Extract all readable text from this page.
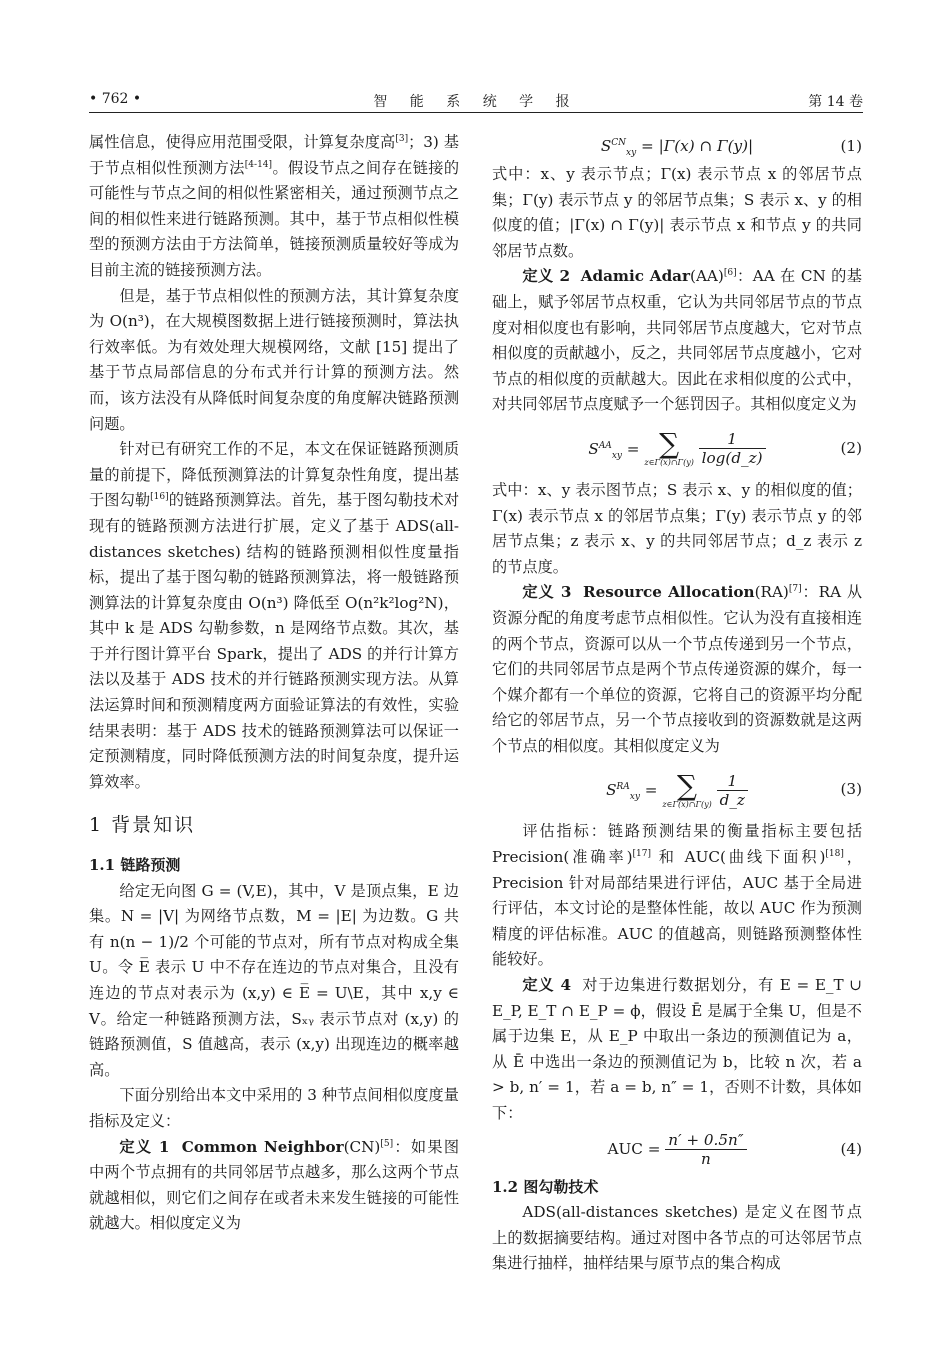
• 762 •	智 能 系 统 学 报	第 14 卷

属性信息，使得应用范围受限，计算复杂度高[3]；3) 基于节点相似性预测方法[4-14]。假设节点之间存在链接的可能性与节点之间的相似性紧密相关，通过预测节点之间的相似性来进行链路预测。其中，基于节点相似性模型的预测方法由于方法简单，链接预测质量较好等成为目前主流的链接预测方法。

但是，基于节点相似性的预测方法，其计算复杂度为 O(n³)，在大规模图数据上进行链接预测时，算法执行效率低。为有效处理大规模网络，文献 [15] 提出了基于节点局部信息的分布式并行计算的预测方法。然而，该方法没有从降低时间复杂度的角度解决链路预测问题。

针对已有研究工作的不足，本文在保证链路预测质量的前提下，降低预测算法的计算复杂性角度，提出基于图勾勒[16]的链路预测算法。首先，基于图勾勒技术对现有的链路预测方法进行扩展，定义了基于 ADS(all-distances sketches) 结构的链路预测相似性度量指标，提出了基于图勾勒的链路预测算法，将一般链路预测算法的计算复杂度由 O(n³) 降低至 O(n²k²log²N)，其中 k 是 ADS 勾勒参数，n 是网络节点数。其次，基于并行图计算平台 Spark，提出了 ADS 的并行计算方法以及基于 ADS 技术的并行链路预测实现方法。从算法运算时间和预测精度两方面验证算法的有效性，实验结果表明：基于 ADS 技术的链路预测算法可以保证一定预测精度，同时降低预测方法的时间复杂度，提升运算效率。

1 背景知识
1.1 链路预测

给定无向图 G = (V,E)，其中，V 是顶点集，E 边集。N = |V| 为网络节点数，M = |E| 为边数。G 共有 n(n − 1)/2 个可能的节点对，所有节点对构成全集 U。令 E̅ 表示 U 中不存在连边的节点对集合，且没有连边的节点对表示为 (x,y) ∈ E̅ = U\E，其中 x,y ∈ V。给定一种链路预测方法，Sₓᵧ 表示节点对 (x,y) 的链路预测值，S 值越高，表示 (x,y) 出现连边的概率越高。

下面分别给出本文中采用的 3 种节点间相似度度量指标及定义：

定义 1 Common Neighbor(CN)[5]：如果图中两个节点拥有的共同邻居节点越多，那么这两个节点就越相似，则它们之间存在或者未来发生链接的可能性就越大。相似度定义为

$S^{CN}_{xy} = |\Gamma(x)$ ∩ Γ(y)|	(1)

式中：x、y 表示节点；Γ(x) 表示节点 x 的邻居节点集；Γ(y) 表示节点 y 的邻居节点集；S 表示 x、y 的相似度的值；|Γ(x) ∩ Γ(y)| 表示节点 x 和节点 y 的共同邻居节点数。

定义 2 Adamic Adar(AA)[6]：AA 在 CN 的基础上，赋予邻居节点权重，它认为共同邻居节点的节点度对相似度也有影响，共同邻居节点度越大，它对节点相似度的贡献越小，反之，共同邻居节点度越小，它对节点的相似度的贡献越大。因此在求相似度的公式中，对共同邻居节点度赋予一个惩罚因子。其相似度定义为

$S^{AA}_{xy}$ = ∑
z∈Γ(x)∩Γ(y)
$\frac{1}{\log(d\_z)}$	(2)

式中：x、y 表示图节点；S 表示 x、y 的相似度的值；Γ(x) 表示节点 x 的邻居节点集；Γ(y) 表示节点 y 的邻居节点集；z 表示 x、y 的共同邻居节点；d_z 表示 z 的节点度。

定义 3 Resource Allocation(RA)[7]：RA 从资源分配的角度考虑节点相似性。它认为没有直接相连的两个节点，资源可以从一个节点传递到另一个节点，它们的共同邻居节点是两个节点传递资源的媒介，每一个媒介都有一个单位的资源，它将自己的资源平均分配给它的邻居节点，另一个节点接收到的资源数就是这两个节点的相似度。其相似度定义为

$S^{RA}_{xy}$ = ∑
z∈Γ(x)∩Γ(y)
$\frac{1}{d\_z}$	(3)

评估指标：链路预测结果的衡量指标主要包括 Precision(准确率)[17] 和 AUC(曲线下面积)[18]，Precision 针对局部结果进行评估，AUC 基于全局进行评估，本文讨论的是整体性能，故以 AUC 作为预测精度的评估标准。AUC 的值越高，则链路预测整体性能较好。

定义 4 对于边集进行数据划分，有 E = E_T ∪ E_P, E_T ∩ E_P = ϕ，假设 Ē 是属于全集 U，但是不属于边集 E，从 E_P 中取出一条边的预测值记为 a，从 Ē 中选出一条边的预测值记为 b，比较 n 次，若 a > b, n′ = 1，若 a = b, n″ = 1，否则不计数，具体如下：

AUC = $\frac{n' + 0.5n''}{n}$	(4)
1.2 图勾勒技术

ADS(all-distances sketches) 是定义在图节点上的数据摘要结构。通过对图中各节点的可达邻居节点集进行抽样，抽样结果与原节点的集合构成
